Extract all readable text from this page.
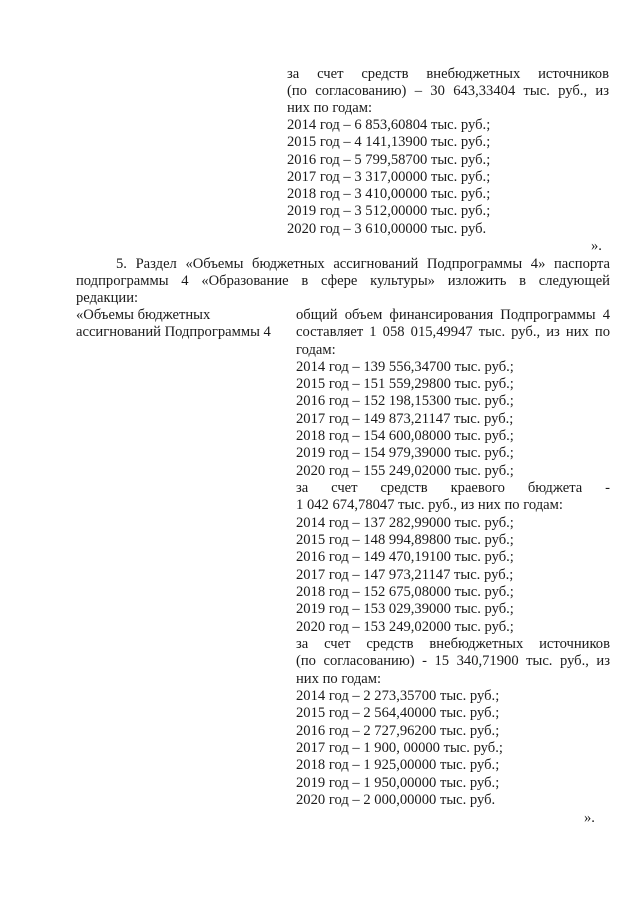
за счет средств внебюджетных источников
(по согласованию) – 30 643,33404 тыс. руб., из
них по годам:
2014 год – 6 853,60804 тыс. руб.;
2015 год – 4 141,13900 тыс. руб.;
2016 год – 5 799,58700 тыс. руб.;
2017 год – 3 317,00000 тыс. руб.;
2018 год – 3 410,00000 тыс. руб.;
2019 год – 3 512,00000 тыс. руб.;
2020 год – 3 610,00000 тыс. руб.
».
5. Раздел «Объемы бюджетных ассигнований Подпрограммы 4» паспорта
подпрограммы 4 «Образование в сфере культуры» изложить в следующей
редакции:
«Объемы бюджетных
ассигнований Подпрограммы 4
общий объем финансирования Подпрограммы 4
составляет 1 058 015,49947 тыс. руб., из них по
годам:
2014 год – 139 556,34700 тыс. руб.;
2015 год – 151 559,29800 тыс. руб.;
2016 год – 152 198,15300 тыс. руб.;
2017 год – 149 873,21147 тыс. руб.;
2018 год – 154 600,08000 тыс. руб.;
2019 год – 154 979,39000 тыс. руб.;
2020 год – 155 249,02000 тыс. руб.;
за счет средств краевого бюджета -
1 042 674,78047 тыс. руб., из них по годам:
2014 год – 137 282,99000 тыс. руб.;
2015 год – 148 994,89800 тыс. руб.;
2016 год – 149 470,19100 тыс. руб.;
2017 год – 147 973,21147 тыс. руб.;
2018 год – 152 675,08000 тыс. руб.;
2019 год – 153 029,39000 тыс. руб.;
2020 год – 153 249,02000 тыс. руб.;
за счет средств внебюджетных источников
(по согласованию) - 15 340,71900 тыс. руб., из
них по годам:
2014 год – 2 273,35700 тыс. руб.;
2015 год – 2 564,40000 тыс. руб.;
2016 год – 2 727,96200 тыс. руб.;
2017 год – 1 900, 00000 тыс. руб.;
2018 год – 1 925,00000 тыс. руб.;
2019 год – 1 950,00000 тыс. руб.;
2020 год – 2 000,00000 тыс. руб.
».
